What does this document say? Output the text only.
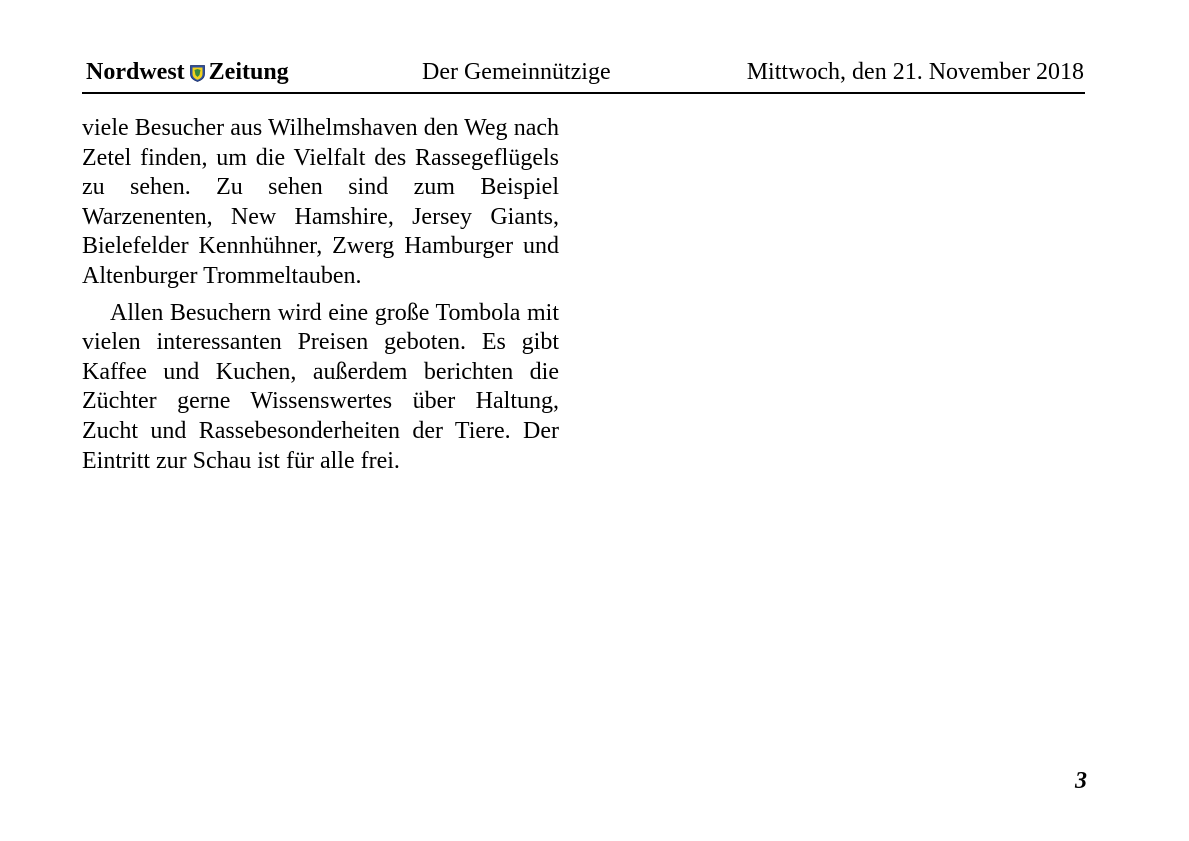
Nordwest Zeitung	Der Gemeinnützige	Mittwoch, den 21. November 2018

viele Besucher aus Wilhelmshaven den Weg nach Zetel finden, um die Vielfalt des Rassegeflügels zu sehen. Zu sehen sind zum Beispiel Warzenenten, New Hamshire, Jersey Giants, Bielefelder Kennhühner, Zwerg Hamburger und Altenburger Trommeltauben.

Allen Besuchern wird eine große Tombola mit vielen interessanten Preisen geboten. Es gibt Kaffee und Kuchen, außerdem berichten die Züchter gerne Wissenswertes über Haltung, Zucht und Rassebesonderheiten der Tiere. Der Eintritt zur Schau ist für alle frei.

3
